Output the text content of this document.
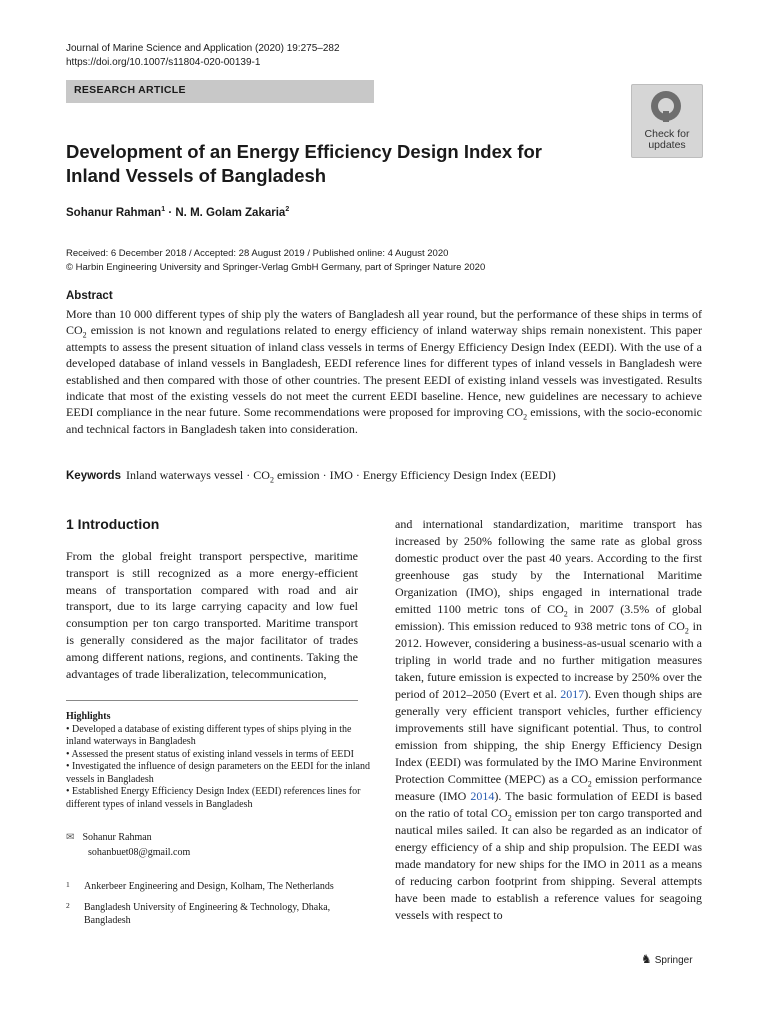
Journal of Marine Science and Application (2020) 19:275–282
https://doi.org/10.1007/s11804-020-00139-1
RESEARCH ARTICLE
Check for
updates
Development of an Energy Efficiency Design Index for Inland Vessels of Bangladesh
Sohanur Rahman$^1$ · N. M. Golam Zakaria$^2$
Received: 6 December 2018 / Accepted: 28 August 2019 / Published online: 4 August 2020
© Harbin Engineering University and Springer-Verlag GmbH Germany, part of Springer Nature 2020
Abstract
More than 10 000 different types of ship ply the waters of Bangladesh all year round, but the performance of these ships in terms of $CO_2$ emission is not known and regulations related to energy efficiency of inland waterway ships remain nonexistent. This paper attempts to assess the present situation of inland class vessels in terms of Energy Efficiency Design Index (EEDI). With the use of a developed database of inland vessels in Bangladesh, EEDI reference lines for different types of inland vessels in Bangladesh were established and then compared with those of other countries. The present EEDI of existing inland vessels was investigated. Results indicate that most of the existing vessels do not meet the current EEDI baseline. Hence, new guidelines are necessary to achieve EEDI compliance in the near future. Some recommendations were proposed for improving $CO_2$ emissions, with the socio-economic and technical factors in Bangladesh taken into consideration.
Keywords Inland waterways vessel · $CO_2$ emission · IMO · Energy Efficiency Design Index (EEDI)
1 Introduction
From the global freight transport perspective, maritime transport is still recognized as a more energy-efficient means of transportation compared with road and air transport, due to its large carrying capacity and low fuel consumption per ton cargo transported. Maritime transport is generally considered as the major facilitator of trades among different nations, regions, and continents. Taking the advantages of trade liberalization, telecommunication,
Highlights
• Developed a database of existing different types of ships plying in the inland waterways in Bangladesh
• Assessed the present status of existing inland vessels in terms of EEDI
• Investigated the influence of design parameters on the EEDI for the inland vessels in Bangladesh
• Established Energy Efficiency Design Index (EEDI) references lines for different types of inland vessels in Bangladesh
✉ Sohanur Rahman
sohanbuet08@gmail.com
1 Ankerbeer Engineering and Design, Kolham, The Netherlands
2 Bangladesh University of Engineering & Technology, Dhaka, Bangladesh
and international standardization, maritime transport has increased by 250% following the same rate as global gross domestic product over the past 40 years. According to the first greenhouse gas study by the International Maritime Organization (IMO), ships engaged in international trade emitted 1100 metric tons of $CO_2$ in 2007 (3.5% of global emission). This emission reduced to 938 metric tons of $CO_2$ in 2012. However, considering a business-as-usual scenario with a tripling in world trade and no further mitigation measures taken, future emission is expected to increase by 250% over the period of 2012–2050 (Evert et al. 2017). Even though ships are generally very efficient transport vehicles, further efficiency improvements still have significant potential. Thus, to control emission from shipping, the ship Energy Efficiency Design Index (EEDI) was formulated by the IMO Marine Environment Protection Committee (MEPC) as a $CO_2$ emission performance measure (IMO 2014). The basic formulation of EEDI is based on the ratio of total $CO_2$ emission per ton cargo transported and nautical miles sailed. It can also be regarded as an indicator of energy efficiency of a ship and ship propulsion. The EEDI was made mandatory for new ships for the IMO in 2011 as a means of reducing carbon footprint from shipping. Several attempts have been made to establish a reference values for seagoing vessels with respect to
♞ Springer
